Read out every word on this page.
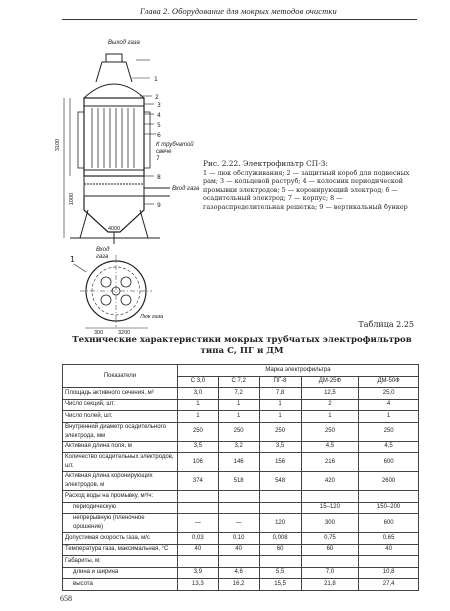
Глава 2. Оборудование для мокрых методов очистки
1
2
3
4
5
6
8
9
7
1
Выход газа
К трубчатой свече
Вход газа
Вход
газа
3100
1000
4000
300	3200
Люк газа
Рис. 2.22. Электрофильтр СП-3:
1 — люк обслуживания; 2 — защитный короб для подвесных рам; 3 — кольцевой раструб; 4 — колосник периодической промывки электродов; 5 — коронирующий электрод; 6 — осадительный электрод; 7 — корпус; 8 — газораспределительная решетка; 9 — вертикальный бункер
Таблица 2.25
Технические характеристики мокрых трубчатых электрофильтров
типа С, ПГ и ДМ
Показатели	Марка электрофильтра				
	С 3,0	С 7,2	ПГ-8	ДМ-25Ф	ДМ-50Ф
Площадь активного сечения, м²	3,0	7,2	7,8	12,5	25,0
Число секций, шт.	1	1	1	2	4
Число полей, шт.	1	1	1	1	1
Внутренний диаметр осадительного электрода, мм	250	250	250	250	250
Активная длина поля, м	3,5	3,2	3,5	4,5	4,5
Количество осадительных электродов, шт.	106	146	156	216	600
Активная длина коронирующих электродов, м	374	518	548	420	2600
Расход воды на промывку, м³/ч:					
периодическую				15–120	150–200
непрерывную (пленочное орошение)	—	—	120	300	600
Допустимая скорость газа, м/с	0,03	0,10	0,008	0,75	0,65
Температура газа, максимальная, °С	40	40	60	60	40
Габариты, м:					
длина и ширина	3,9	4,6	5,5	7,0	10,8
высота	13,3	16,2	15,5	21,8	27,4
658
